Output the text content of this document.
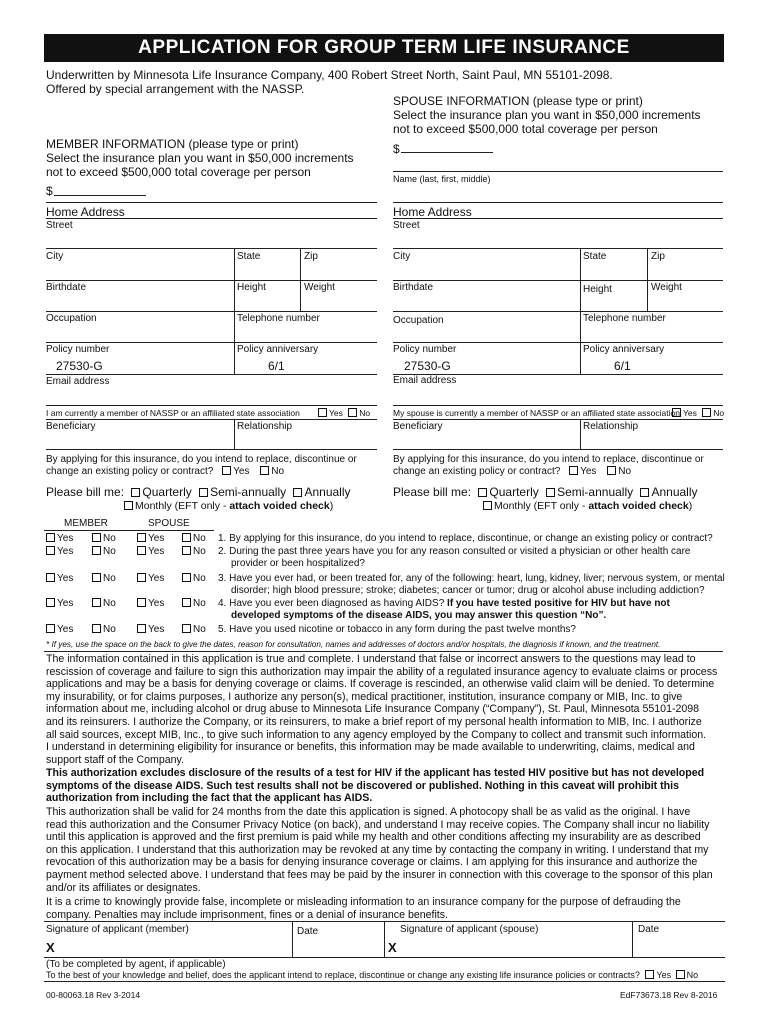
APPLICATION FOR GROUP TERM LIFE INSURANCE
Underwritten by Minnesota Life Insurance Company, 400 Robert Street North, Saint Paul, MN 55101-2098.
Offered by special arrangement with the NASSP.
SPOUSE INFORMATION (please type or print)
Select the insurance plan you want in $50,000 increments
not to exceed $500,000 total coverage per person
$
Name (last, first, middle)
MEMBER INFORMATION (please type or print)
Select the insurance plan you want in $50,000 increments
not to exceed $500,000 total coverage per person
$
Home Address	Home Address
Street	Street
City	State	Zip
Birthdate	Height	Weight
Occupation	Telephone number
Policy number	Policy anniversary
27530-G	6/1
Email address
I am currently a member of NASSP or an affiliated state association	Yes No
Beneficiary	Relationship
City	State	Zip
Birthdate	Height	Weight
Occupation	Telephone number
Policy number	Policy anniversary
27530-G	6/1
Email address
My spouse is currently a member of NASSP or an affiliated state association Yes No
Beneficiary	Relationship
By applying for this insurance, do you intend to replace, discontinue or
change an existing policy or contract? Yes No
By applying for this insurance, do you intend to replace, discontinue or
change an existing policy or contract? Yes No
Please bill me: Quarterly Semi-annually Annually
Monthly (EFT only - attach voided check)
Please bill me: Quarterly Semi-annually Annually
Monthly (EFT only - attach voided check)
MEMBER	SPOUSE
Yes	No	Yes	No 1. By applying for this insurance, do you intend to replace, discontinue, or change an existing policy or contract?
Yes	No	Yes	No 2. During the past three years have you for any reason consulted or visited a physician or other health care
provider or been hospitalized?
Yes	No	Yes	No 3. Have you ever had, or been treated for, any of the following: heart, lung, kidney, liver; nervous system, or mental
disorder; high blood pressure; stroke; diabetes; cancer or tumor; drug or alcohol abuse including addiction?
Yes	No	Yes	No 4. Have you ever been diagnosed as having AIDS? If you have tested positive for HIV but have not
developed symptoms of the disease AIDS, you may answer this question “No”.
Yes	No	Yes	No 5. Have you used nicotine or tobacco in any form during the past twelve months?
* If yes, use the space on the back to give the dates, reason for consultation, names and addresses of doctors and/or hospitals, the diagnosis if known, and the treatment.
The information contained in this application is true and complete. I understand that false or incorrect answers to the questions may lead to
rescission of coverage and failure to sign this authorization may impair the ability of a regulated insurance agency to evaluate claims or process
applications and may be a basis for denying coverage or claims. If coverage is rescinded, an otherwise valid claim will be denied. To determine
my insurability, or for claims purposes, I authorize any person(s), medical practitioner, institution, insurance company or MIB, Inc. to give
information about me, including alcohol or drug abuse to Minnesota Life Insurance Company (“Company”), St. Paul, Minnesota 55101-2098
and its reinsurers. I authorize the Company, or its reinsurers, to make a brief report of my personal health information to MIB, Inc. I authorize
all said sources, except MIB, Inc., to give such information to any agency employed by the Company to collect and transmit such information.
I understand in determining eligibility for insurance or benefits, this information may be made available to underwriting, claims, medical and
support staff of the Company.
This authorization excludes disclosure of the results of a test for HIV if the applicant has tested HIV positive but has not developed
symptoms of the disease AIDS. Such test results shall not be discovered or published. Nothing in this caveat will prohibit this
authorization from including the fact that the applicant has AIDS.
This authorization shall be valid for 24 months from the date this application is signed. A photocopy shall be as valid as the original. I have
read this authorization and the Consumer Privacy Notice (on back), and understand I may receive copies. The Company shall incur no liability
until this application is approved and the first premium is paid while my health and other conditions affecting my insurability are as described
on this application. I understand that this authorization may be revoked at any time by contacting the company in writing. I understand that my
revocation of this authorization may be a basis for denying insurance coverage or claims. I am applying for this insurance and authorize the
payment method selected above. I understand that fees may be paid by the insurer in connection with this coverage to the sponsor of this plan
and/or its affiliates or designates.
It is a crime to knowingly provide false, incomplete or misleading information to an insurance company for the purpose of defrauding the
company. Penalties may include imprisonment, fines or a denial of insurance benefits.
Signature of applicant (member)	Date	Signature of applicant (spouse)	Date
X	X
(To be completed by agent, if applicable)
To the best of your knowledge and belief, does the applicant intend to replace, discontinue or change any existing life insurance policies or contracts? Yes No
00-80063.18 Rev 3-2014	EdF73673.18 Rev 8-2016
